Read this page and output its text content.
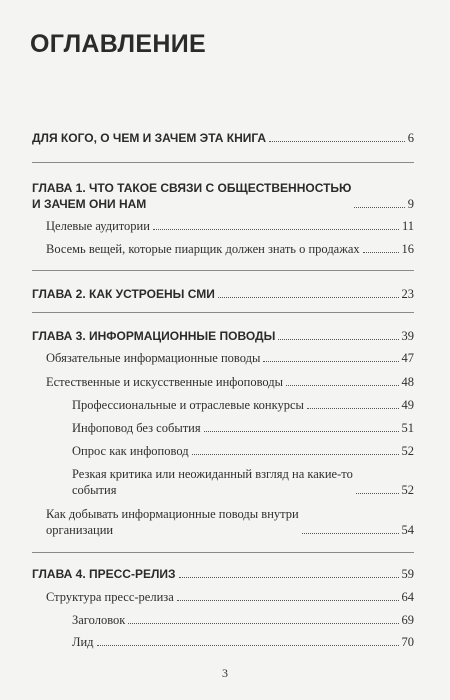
ОГЛАВЛЕНИЕ
ДЛЯ КОГО, О ЧЕМ И ЗАЧЕМ ЭТА КНИГА	6
ГЛАВА 1. ЧТО ТАКОЕ СВЯЗИ С ОБЩЕСТВЕННОСТЬЮ
И ЗАЧЕМ ОНИ НАМ	9
Целевые аудитории	11
Восемь вещей, которые пиарщик должен знать о продажах	16
ГЛАВА 2. КАК УСТРОЕНЫ СМИ	23
ГЛАВА 3. ИНФОРМАЦИОННЫЕ ПОВОДЫ	39
Обязательные информационные поводы	47
Естественные и искусственные инфоповоды	48
Профессиональные и отраслевые конкурсы	49
Инфоповод без события	51
Опрос как инфоповод	52
Резкая критика или неожиданный взгляд на какие-то
события	52
Как добывать информационные поводы внутри
организации	54
ГЛАВА 4. ПРЕСС-РЕЛИЗ	59
Структура пресс-релиза	64
Заголовок	69
Лид	70
3
